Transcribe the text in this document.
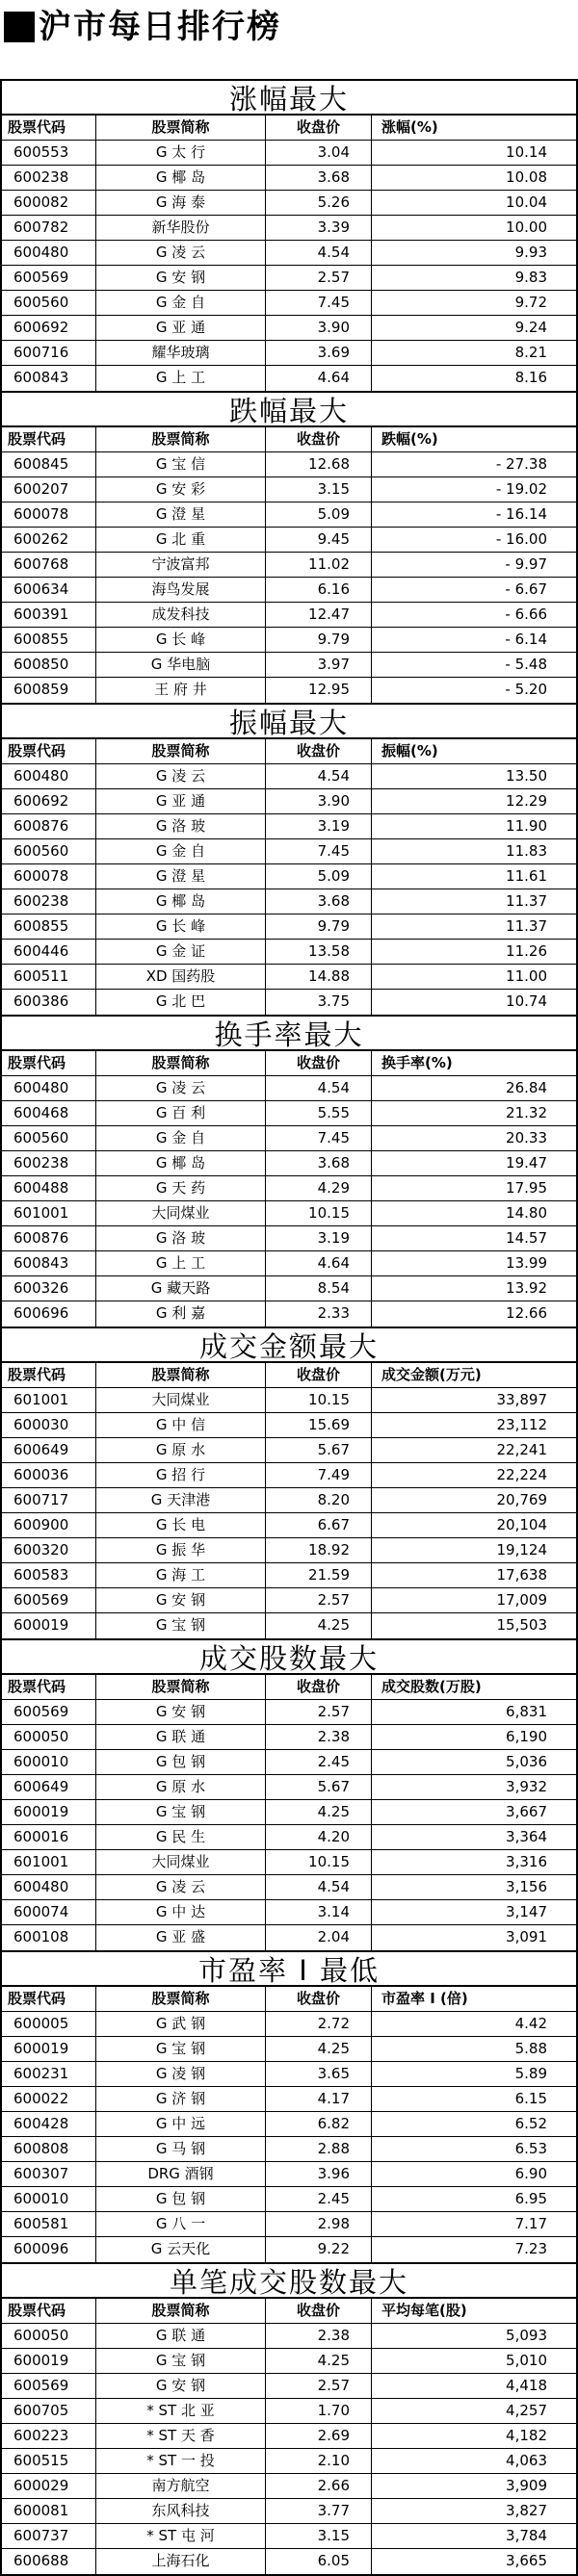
沪市每日排行榜
涨幅最大
股票代码	股票简称	收盘价	涨幅(%)
600553	G 太 行	3.04	10.14
600238	G 椰 岛	3.68	10.08
600082	G 海 泰	5.26	10.04
600782	新华股份	3.39	10.00
600480	G 凌 云	4.54	9.93
600569	G 安 钢	2.57	9.83
600560	G 金 自	7.45	9.72
600692	G 亚 通	3.90	9.24
600716	耀华玻璃	3.69	8.21
600843	G 上 工	4.64	8.16
跌幅最大
股票代码	股票简称	收盘价	跌幅(%)
600845	G 宝 信	12.68	- 27.38
600207	G 安 彩	3.15	- 19.02
600078	G 澄 星	5.09	- 16.14
600262	G 北 重	9.45	- 16.00
600768	宁波富邦	11.02	- 9.97
600634	海鸟发展	6.16	- 6.67
600391	成发科技	12.47	- 6.66
600855	G 长 峰	9.79	- 6.14
600850	G 华电脑	3.97	- 5.48
600859	王 府 井	12.95	- 5.20
振幅最大
股票代码	股票简称	收盘价	振幅(%)
600480	G 凌 云	4.54	13.50
600692	G 亚 通	3.90	12.29
600876	G 洛 玻	3.19	11.90
600560	G 金 自	7.45	11.83
600078	G 澄 星	5.09	11.61
600238	G 椰 岛	3.68	11.37
600855	G 长 峰	9.79	11.37
600446	G 金 证	13.58	11.26
600511	XD 国药股	14.88	11.00
600386	G 北 巴	3.75	10.74
换手率最大
股票代码	股票简称	收盘价	换手率(%)
600480	G 凌 云	4.54	26.84
600468	G 百 利	5.55	21.32
600560	G 金 自	7.45	20.33
600238	G 椰 岛	3.68	19.47
600488	G 天 药	4.29	17.95
601001	大同煤业	10.15	14.80
600876	G 洛 玻	3.19	14.57
600843	G 上 工	4.64	13.99
600326	G 藏天路	8.54	13.92
600696	G 利 嘉	2.33	12.66
成交金额最大
股票代码	股票简称	收盘价	成交金额(万元)
601001	大同煤业	10.15	33,897
600030	G 中 信	15.69	23,112
600649	G 原 水	5.67	22,241
600036	G 招 行	7.49	22,224
600717	G 天津港	8.20	20,769
600900	G 长 电	6.67	20,104
600320	G 振 华	18.92	19,124
600583	G 海 工	21.59	17,638
600569	G 安 钢	2.57	17,009
600019	G 宝 钢	4.25	15,503
成交股数最大
股票代码	股票简称	收盘价	成交股数(万股)
600569	G 安 钢	2.57	6,831
600050	G 联 通	2.38	6,190
600010	G 包 钢	2.45	5,036
600649	G 原 水	5.67	3,932
600019	G 宝 钢	4.25	3,667
600016	G 民 生	4.20	3,364
601001	大同煤业	10.15	3,316
600480	G 凌 云	4.54	3,156
600074	G 中 达	3.14	3,147
600108	G 亚 盛	2.04	3,091
市盈率 I 最低
股票代码	股票简称	收盘价	市盈率 I (倍)
600005	G 武 钢	2.72	4.42
600019	G 宝 钢	4.25	5.88
600231	G 凌 钢	3.65	5.89
600022	G 济 钢	4.17	6.15
600428	G 中 远	6.82	6.52
600808	G 马 钢	2.88	6.53
600307	DRG 酒钢	3.96	6.90
600010	G 包 钢	2.45	6.95
600581	G 八 一	2.98	7.17
600096	G 云天化	9.22	7.23
单笔成交股数最大
股票代码	股票简称	收盘价	平均每笔(股)
600050	G 联 通	2.38	5,093
600019	G 宝 钢	4.25	5,010
600569	G 安 钢	2.57	4,418
600705	* ST 北 亚	1.70	4,257
600223	* ST 天 香	2.69	4,182
600515	* ST 一 投	2.10	4,063
600029	南方航空	2.66	3,909
600081	东风科技	3.77	3,827
600737	* ST 屯 河	3.15	3,784
600688	上海石化	6.05	3,665
